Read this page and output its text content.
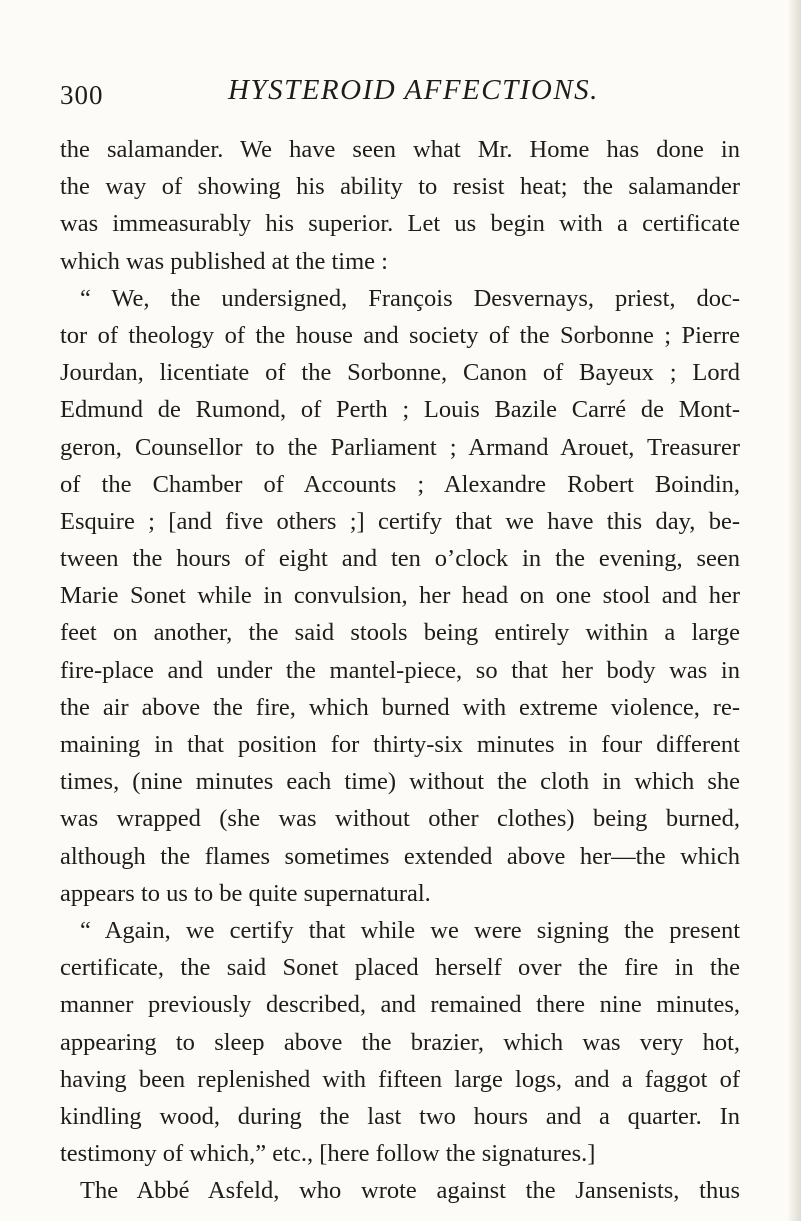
300	HYSTEROID AFFECTIONS.
the salamander. We have seen what Mr. Home has done in
the way of showing his ability to resist heat; the salamander
was immeasurably his superior. Let us begin with a certificate
which was published at the time :
“ We, the undersigned, François Desvernays, priest, doc-
tor of theology of the house and society of the Sorbonne ; Pierre
Jourdan, licentiate of the Sorbonne, Canon of Bayeux ; Lord
Edmund de Rumond, of Perth ; Louis Bazile Carré de Mont-
geron, Counsellor to the Parliament ; Armand Arouet, Treasurer
of the Chamber of Accounts ; Alexandre Robert Boindin,
Esquire ; [and five others ;] certify that we have this day, be-
tween the hours of eight and ten o’clock in the evening, seen
Marie Sonet while in convulsion, her head on one stool and her
feet on another, the said stools being entirely within a large
fire-place and under the mantel-piece, so that her body was in
the air above the fire, which burned with extreme violence, re-
maining in that position for thirty-six minutes in four different
times, (nine minutes each time) without the cloth in which she
was wrapped (she was without other clothes) being burned,
although the flames sometimes extended above her—the which
appears to us to be quite supernatural.
“ Again, we certify that while we were signing the present
certificate, the said Sonet placed herself over the fire in the
manner previously described, and remained there nine minutes,
appearing to sleep above the brazier, which was very hot,
having been replenished with fifteen large logs, and a faggot of
kindling wood, during the last two hours and a quarter. In
testimony of which,” etc., [here follow the signatures.]
The Abbé Asfeld, who wrote against the Jansenists, thus
